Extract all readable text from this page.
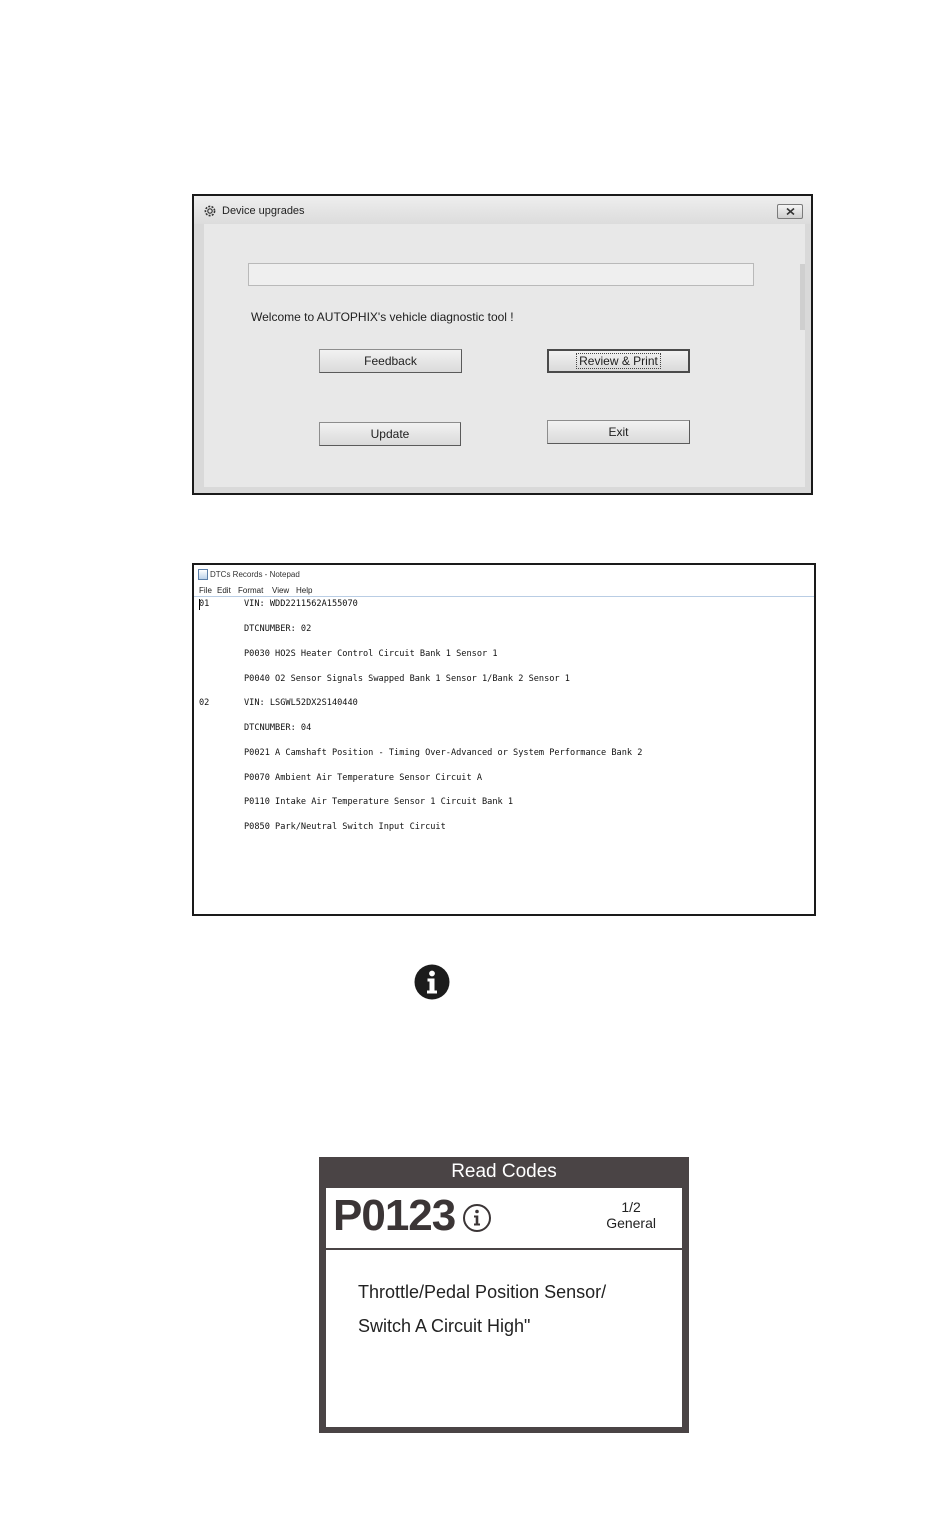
Device upgrades
Welcome to AUTOPHIX's vehicle diagnostic tool !
Feedback	Review & Print
Update	Exit
DTCs Records - Notepad
File Edit Format View Help
01	VIN: WDD2211562A155070
DTCNUMBER: 02
P0030 HO2S Heater Control Circuit Bank 1 Sensor 1
P0040 O2 Sensor Signals Swapped Bank 1 Sensor 1/Bank 2 Sensor 1
02	VIN: LSGWL52DX2S140440
DTCNUMBER: 04
P0021 A Camshaft Position - Timing Over-Advanced or System Performance Bank 2
P0070 Ambient Air Temperature Sensor Circuit A
P0110 Intake Air Temperature Sensor 1 Circuit Bank 1
P0850 Park/Neutral Switch Input Circuit
Read Codes
P0123	1/2
General
Throttle/Pedal Position Sensor/
Switch A Circuit High"
